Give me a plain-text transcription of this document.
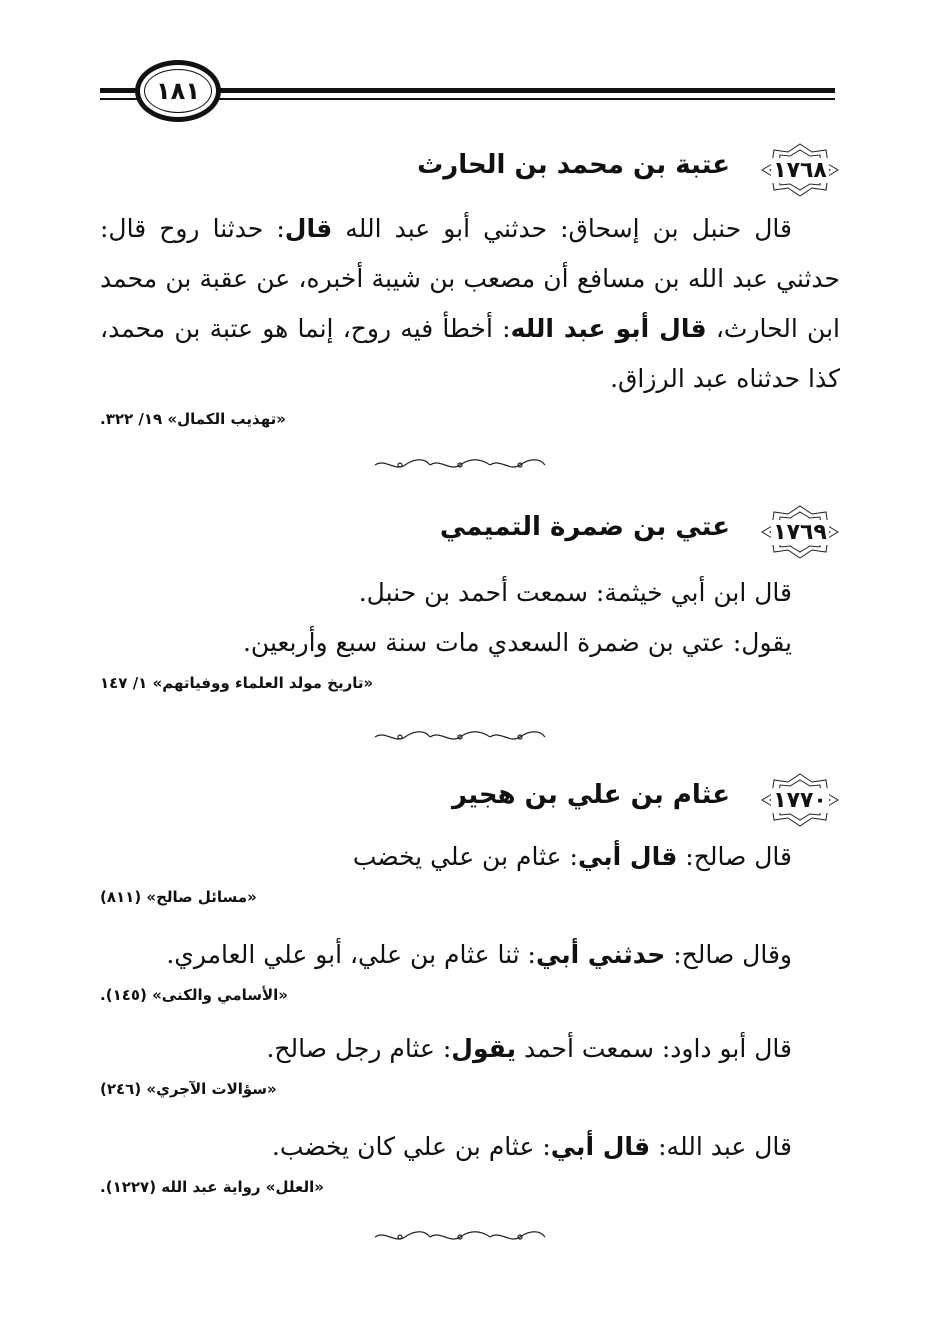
١٨١
١٧٦٨
عتبة بن محمد بن الحارث

قال حنبل بن إسحاق: حدثني أبو عبد الله قال: حدثنا روح قال: حدثني عبد الله بن مسافع أن مصعب بن شيبة أخبره، عن عقبة بن محمد ابن الحارث، قال أبو عبد الله: أخطأ فيه روح، إنما هو عتبة بن محمد، كذا حدثناه عبد الرزاق.

«تهذيب الكمال» ١٩/ ٣٢٢.
١٧٦٩
عتي بن ضمرة التميمي

قال ابن أبي خيثمة: سمعت أحمد بن حنبل.

يقول: عتي بن ضمرة السعدي مات سنة سبع وأربعين.

«تاريخ مولد العلماء ووفياتهم» ١/ ١٤٧
١٧٧٠
عثام بن علي بن هجير

قال صالح: قال أبي: عثام بن علي يخضب

«مسائل صالح» (٨١١)

وقال صالح: حدثني أبي: ثنا عثام بن علي، أبو علي العامري.

«الأسامي والكنى» (١٤٥).

قال أبو داود: سمعت أحمد يقول: عثام رجل صالح.

«سؤالات الآجري» (٢٤٦)

قال عبد الله: قال أبي: عثام بن علي كان يخضب.

«العلل» رواية عبد الله (١٢٢٧).
